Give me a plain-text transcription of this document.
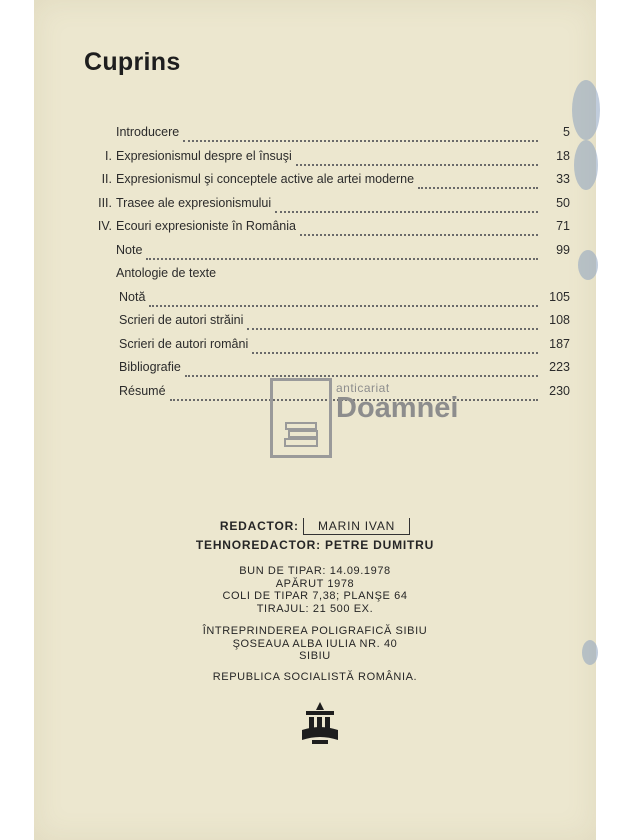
Cuprins
Introducere	5
I. Expresionismul despre el însuşi	18
II. Expresionismul şi conceptele active ale artei moderne	33
III. Trasee ale expresionismului	50
IV. Ecouri expresioniste în România	71
Note	99
Antologie de texte
Notă	105
Scrieri de autori străini	108
Scrieri de autori români	187
Bibliografie	223
Résumé	230
anticariat
Doamnei
REDACTOR: MARIN IVAN
TEHNOREDACTOR: PETRE DUMITRU
BUN DE TIPAR: 14.09.1978
APĂRUT 1978
COLI DE TIPAR 7,38; PLANŞE 64
TIRAJUL: 21 500 EX.
ÎNTREPRINDEREA POLIGRAFICĂ SIBIU
ŞOSEAUA ALBA IULIA NR. 40
SIBIU
REPUBLICA SOCIALISTĂ ROMÂNIA.
